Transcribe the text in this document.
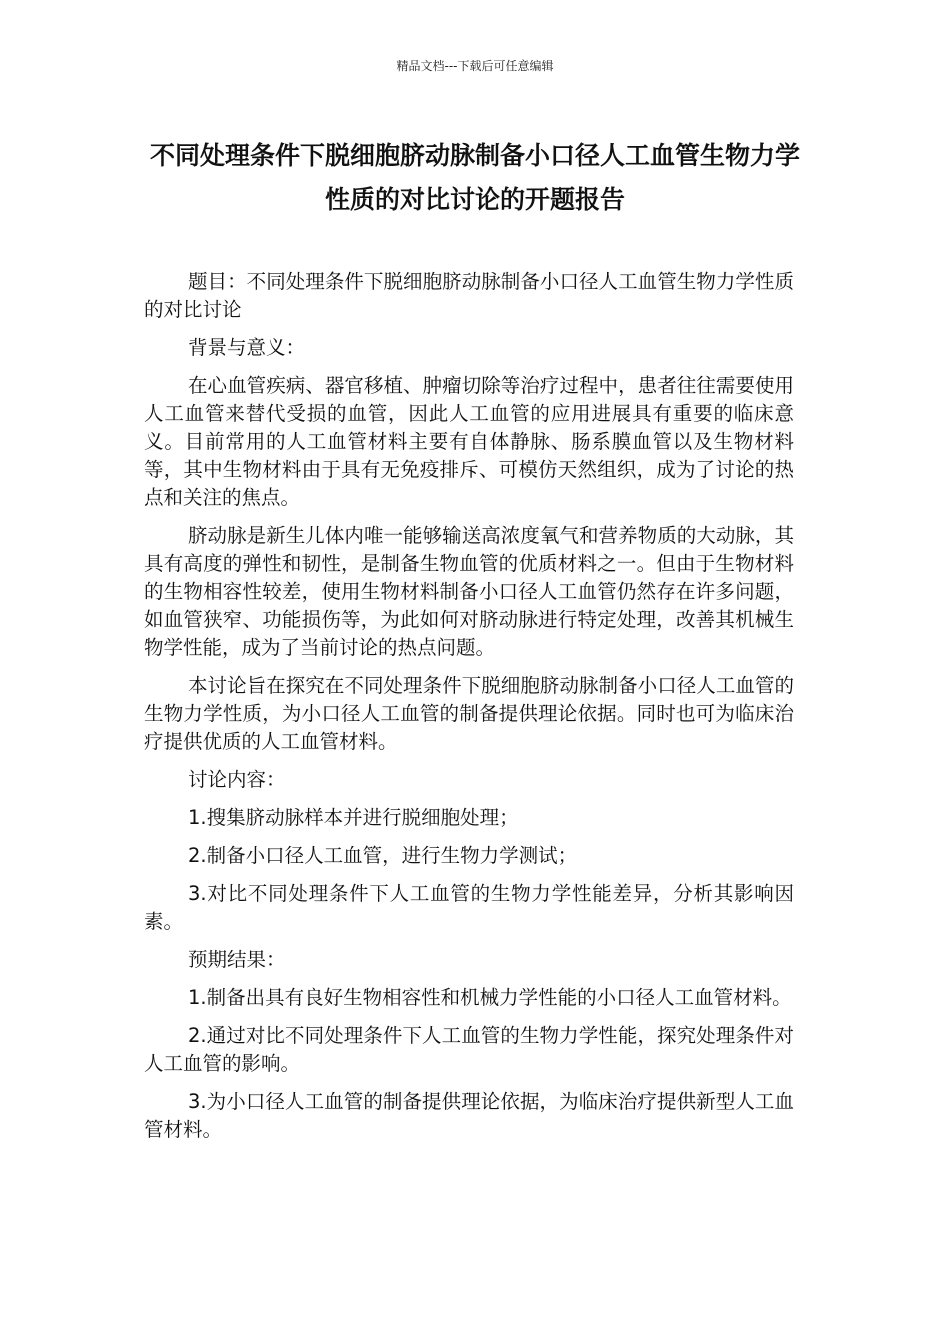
精品文档---下载后可任意编辑
不同处理条件下脱细胞脐动脉制备小口径人工血管生物力学性质的对比讨论的开题报告

题目：不同处理条件下脱细胞脐动脉制备小口径人工血管生物力学性质的对比讨论

背景与意义：

在心血管疾病、器官移植、肿瘤切除等治疗过程中，患者往往需要使用人工血管来替代受损的血管，因此人工血管的应用进展具有重要的临床意义。目前常用的人工血管材料主要有自体静脉、肠系膜血管以及生物材料等，其中生物材料由于具有无免疫排斥、可模仿天然组织，成为了讨论的热点和关注的焦点。

脐动脉是新生儿体内唯一能够输送高浓度氧气和营养物质的大动脉，其具有高度的弹性和韧性，是制备生物血管的优质材料之一。但由于生物材料的生物相容性较差，使用生物材料制备小口径人工血管仍然存在许多问题，如血管狭窄、功能损伤等，为此如何对脐动脉进行特定处理，改善其机械生物学性能，成为了当前讨论的热点问题。

本讨论旨在探究在不同处理条件下脱细胞脐动脉制备小口径人工血管的生物力学性质，为小口径人工血管的制备提供理论依据。同时也可为临床治疗提供优质的人工血管材料。

讨论内容：

1.搜集脐动脉样本并进行脱细胞处理；

2.制备小口径人工血管，进行生物力学测试；

3.对比不同处理条件下人工血管的生物力学性能差异，分析其影响因素。

预期结果：

1.制备出具有良好生物相容性和机械力学性能的小口径人工血管材料。

2.通过对比不同处理条件下人工血管的生物力学性能，探究处理条件对人工血管的影响。

3.为小口径人工血管的制备提供理论依据，为临床治疗提供新型人工血管材料。
